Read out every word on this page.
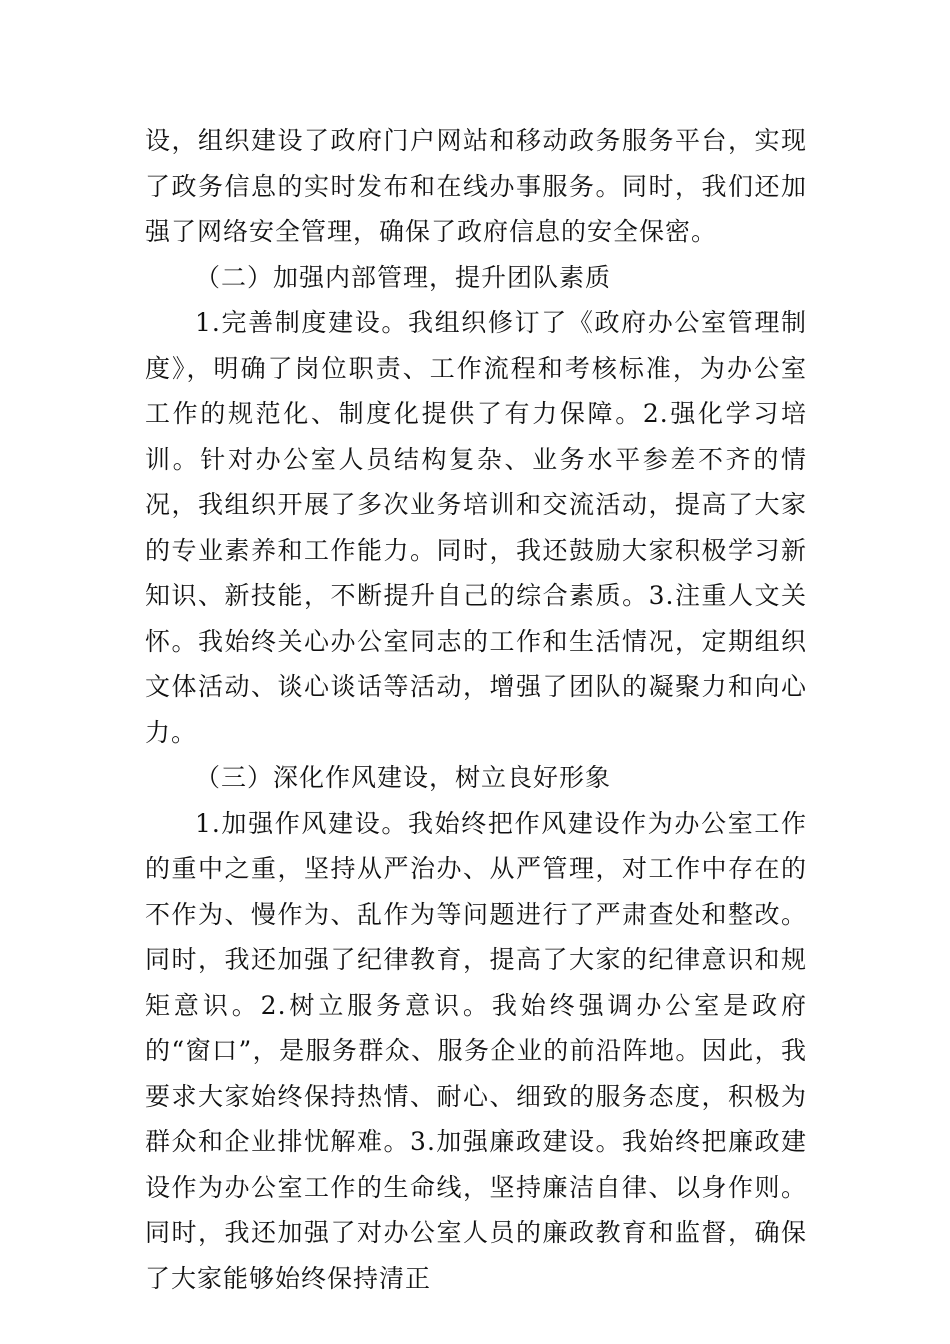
设，组织建设了政府门户网站和移动政务服务平台，实现了政务信息的实时发布和在线办事服务。同时，我们还加强了网络安全管理，确保了政府信息的安全保密。

（二）加强内部管理，提升团队素质

1.完善制度建设。我组织修订了《政府办公室管理制度》，明确了岗位职责、工作流程和考核标准，为办公室工作的规范化、制度化提供了有力保障。2.强化学习培训。针对办公室人员结构复杂、业务水平参差不齐的情况，我组织开展了多次业务培训和交流活动，提高了大家的专业素养和工作能力。同时，我还鼓励大家积极学习新知识、新技能，不断提升自己的综合素质。3.注重人文关怀。我始终关心办公室同志的工作和生活情况，定期组织文体活动、谈心谈话等活动，增强了团队的凝聚力和向心力。

（三）深化作风建设，树立良好形象

1.加强作风建设。我始终把作风建设作为办公室工作的重中之重，坚持从严治办、从严管理，对工作中存在的不作为、慢作为、乱作为等问题进行了严肃查处和整改。同时，我还加强了纪律教育，提高了大家的纪律意识和规矩意识。2.树立服务意识。我始终强调办公室是政府的“窗口”，是服务群众、服务企业的前沿阵地。因此，我要求大家始终保持热情、耐心、细致的服务态度，积极为群众和企业排忧解难。3.加强廉政建设。我始终把廉政建设作为办公室工作的生命线，坚持廉洁自律、以身作则。同时，我还加强了对办公室人员的廉政教育和监督，确保了大家能够始终保持清正
